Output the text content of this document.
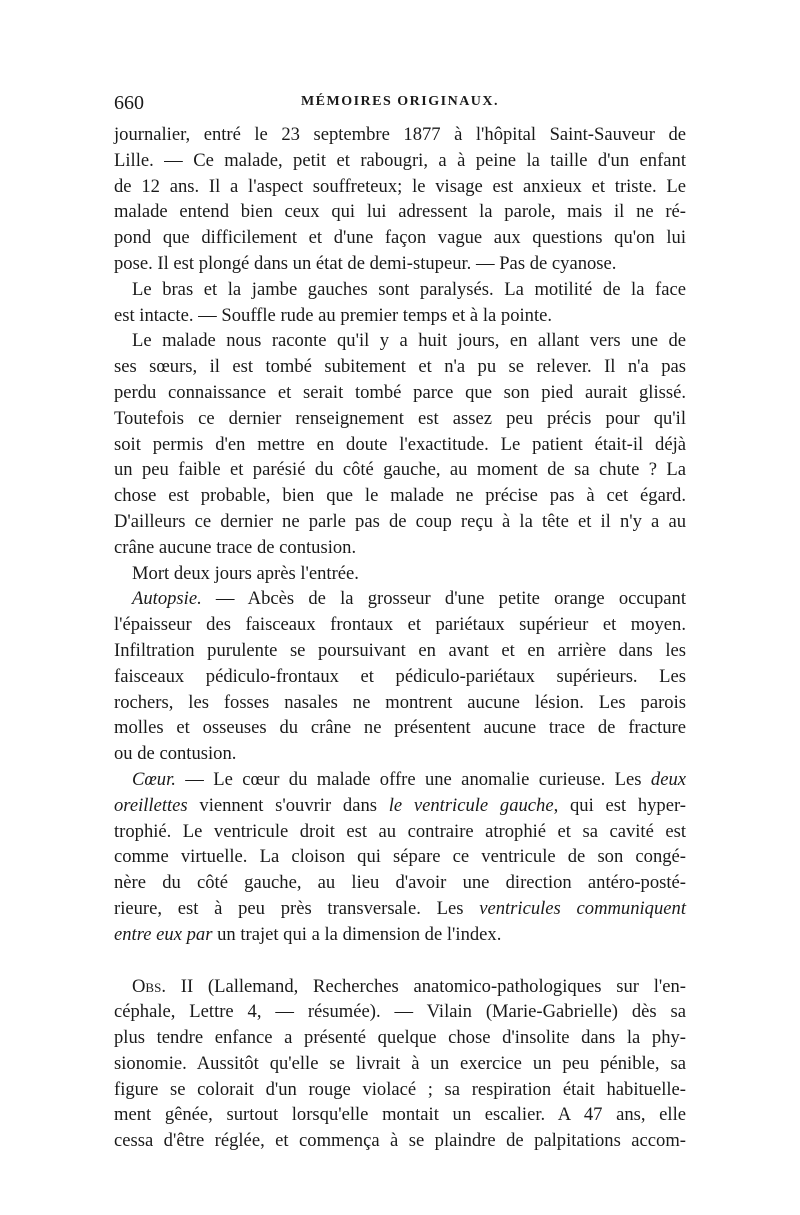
660	MÉMOIRES ORIGINAUX.

journalier, entré le 23 septembre 1877 à l'hôpital Saint-Sauveur de

Lille. — Ce malade, petit et rabougri, a à peine la taille d'un enfant

de 12 ans. Il a l'aspect souffreteux; le visage est anxieux et triste. Le

malade entend bien ceux qui lui adressent la parole, mais il ne ré-

pond que difficilement et d'une façon vague aux questions qu'on lui

pose. Il est plongé dans un état de demi-stupeur. — Pas de cyanose.

Le bras et la jambe gauches sont paralysés. La motilité de la face

est intacte. — Souffle rude au premier temps et à la pointe.

Le malade nous raconte qu'il y a huit jours, en allant vers une de

ses sœurs, il est tombé subitement et n'a pu se relever. Il n'a pas

perdu connaissance et serait tombé parce que son pied aurait glissé.

Toutefois ce dernier renseignement est assez peu précis pour qu'il

soit permis d'en mettre en doute l'exactitude. Le patient était-il déjà

un peu faible et parésié du côté gauche, au moment de sa chute ? La

chose est probable, bien que le malade ne précise pas à cet égard.

D'ailleurs ce dernier ne parle pas de coup reçu à la tête et il n'y a au

crâne aucune trace de contusion.

Mort deux jours après l'entrée.

Autopsie. — Abcès de la grosseur d'une petite orange occupant

l'épaisseur des faisceaux frontaux et pariétaux supérieur et moyen.

Infiltration purulente se poursuivant en avant et en arrière dans les

faisceaux pédiculo-frontaux et pédiculo-pariétaux supérieurs. Les

rochers, les fosses nasales ne montrent aucune lésion. Les parois

molles et osseuses du crâne ne présentent aucune trace de fracture

ou de contusion.

Cœur. — Le cœur du malade offre une anomalie curieuse. Les deux

oreillettes viennent s'ouvrir dans le ventricule gauche, qui est hyper-

trophié. Le ventricule droit est au contraire atrophié et sa cavité est

comme virtuelle. La cloison qui sépare ce ventricule de son congé-

nère du côté gauche, au lieu d'avoir une direction antéro-posté-

rieure, est à peu près transversale. Les ventricules communiquent

entre eux par un trajet qui a la dimension de l'index.

Obs. II (Lallemand, Recherches anatomico-pathologiques sur l'en-

céphale, Lettre 4, — résumée). — Vilain (Marie-Gabrielle) dès sa

plus tendre enfance a présenté quelque chose d'insolite dans la phy-

sionomie. Aussitôt qu'elle se livrait à un exercice un peu pénible, sa

figure se colorait d'un rouge violacé ; sa respiration était habituelle-

ment gênée, surtout lorsqu'elle montait un escalier. A 47 ans, elle

cessa d'être réglée, et commença à se plaindre de palpitations accom-
